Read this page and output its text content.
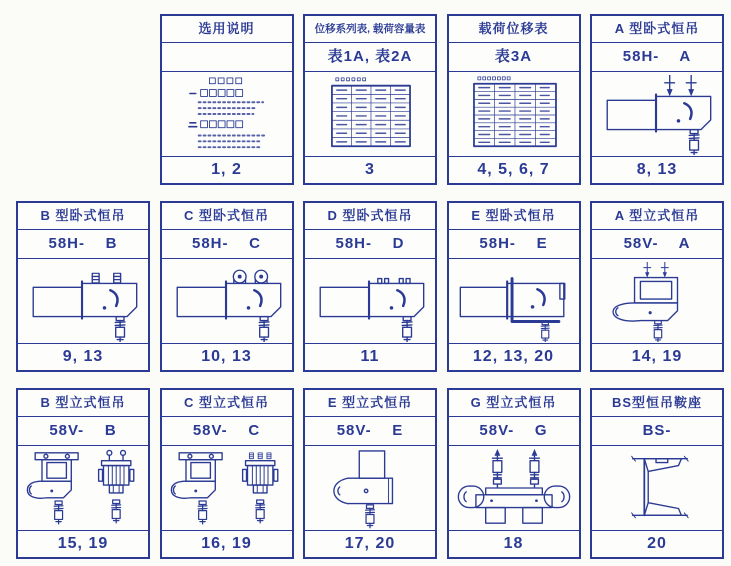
选用说明
1, 2
位移系列表, 载荷容量表
表1A, 表2A
3
载荷位移表
表3A
4, 5, 6, 7
A 型卧式恒吊
58H-    A
8, 13
B 型卧式恒吊
58H-    B
9, 13
C 型卧式恒吊
58H-    C
10, 13
D 型卧式恒吊
58H-    D
11
E 型卧式恒吊
58H-    E
12, 13, 20
A 型立式恒吊
58V-    A
14, 19
B 型立式恒吊
58V-    B
15, 19
C 型立式恒吊
58V-    C
16, 19
E 型立式恒吊
58V-    E
17, 20
G 型立式恒吊
58V-    G
18
BS型恒吊鞍座
BS-
20
